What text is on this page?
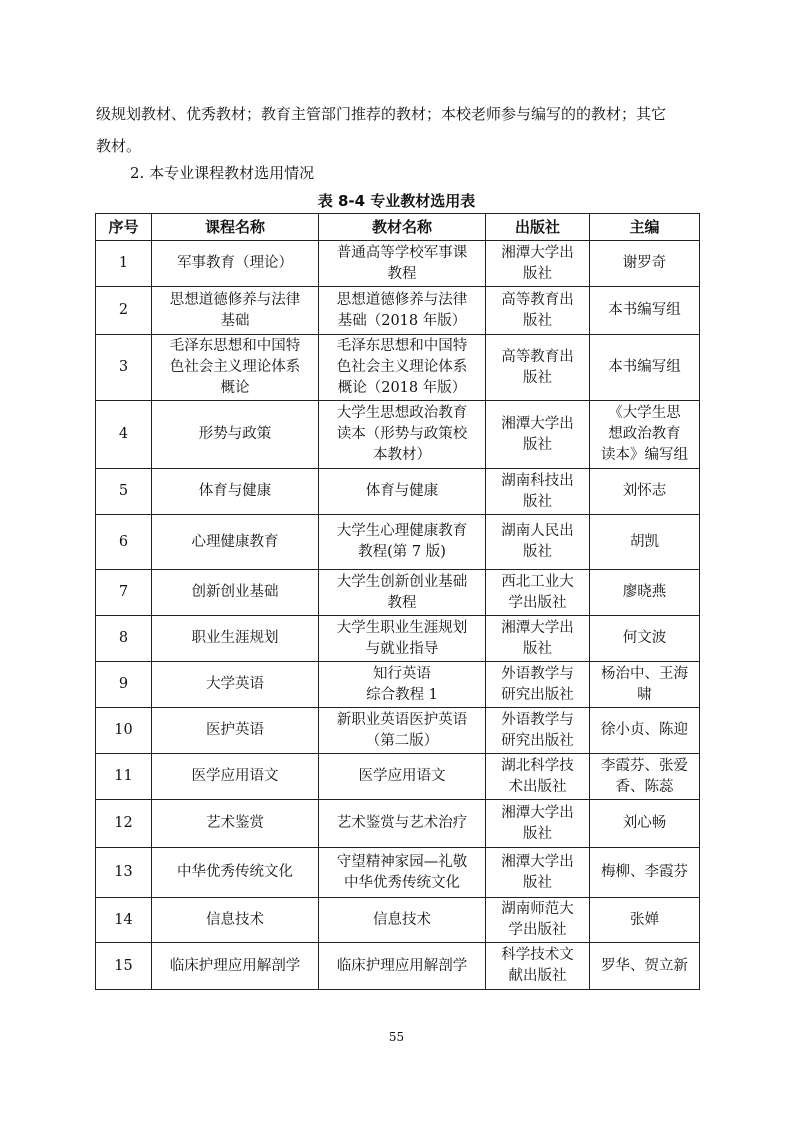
级规划教材、优秀教材；教育主管部门推荐的教材；本校老师参与编写的的教材；其它
教材。
2. 本专业课程教材选用情况
表 8-4 专业教材选用表
序号	课程名称	教材名称	出版社	主编
1	军事教育（理论）	普通高等学校军事课
教程	湘潭大学出
版社	谢罗奇

2	思想道德修养与法律
基础	思想道德修养与法律
基础（2018 年版）	高等教育出
版社	本书编写组

3	毛泽东思想和中国特
色社会主义理论体系
概论	毛泽东思想和中国特
色社会主义理论体系
概论（2018 年版）	高等教育出
版社	本书编写组

4	形势与政策	大学生思想政治教育
读本（形势与政策校
本教材）	湘潭大学出
版社	《大学生思
想政治教育
读本》编写组

5	体育与健康	体育与健康	湖南科技出
版社	刘怀志

6	心理健康教育	大学生心理健康教育
教程(第 7 版)	湖南人民出
版社	胡凯

7	创新创业基础	大学生创新创业基础
教程	西北工业大
学出版社	廖晓燕

8	职业生涯规划	大学生职业生涯规划
与就业指导	湘潭大学出
版社	何文波

9	大学英语	知行英语
综合教程 1	外语教学与
研究出版社	杨治中、王海
啸

10	医护英语	新职业英语医护英语
（第二版）	外语教学与
研究出版社	徐小贞、陈迎

11	医学应用语文	医学应用语文	湖北科学技
术出版社	李霞芬、张爱
香、陈蕊

12	艺术鉴赏	艺术鉴赏与艺术治疗	湘潭大学出
版社	刘心畅

13	中华优秀传统文化	守望精神家园—礼敬
中华优秀传统文化	湘潭大学出
版社	梅柳、李霞芬

14	信息技术	信息技术	湖南师范大
学出版社	张婵

15	临床护理应用解剖学	临床护理应用解剖学	科学技术文
献出版社	罗华、贺立新
55
